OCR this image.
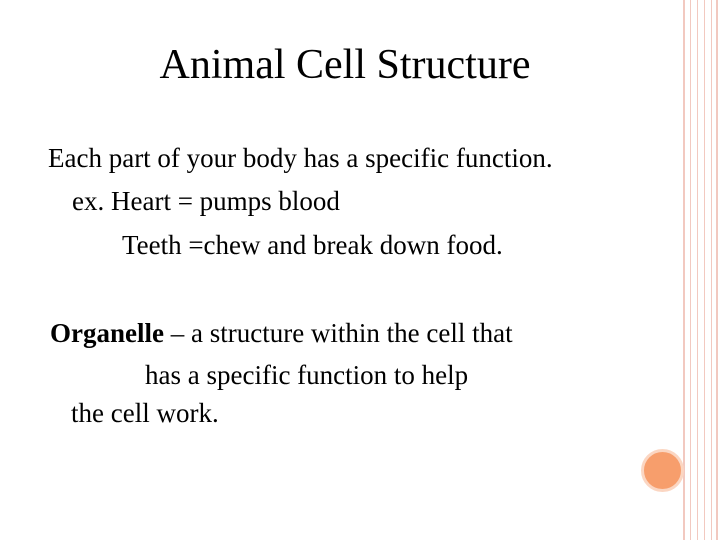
Animal Cell Structure
Each part of your body has a specific function.
ex. Heart = pumps blood
Teeth =chew and break down food.
Organelle – a structure within the cell that
has a specific function to help
the cell work.
